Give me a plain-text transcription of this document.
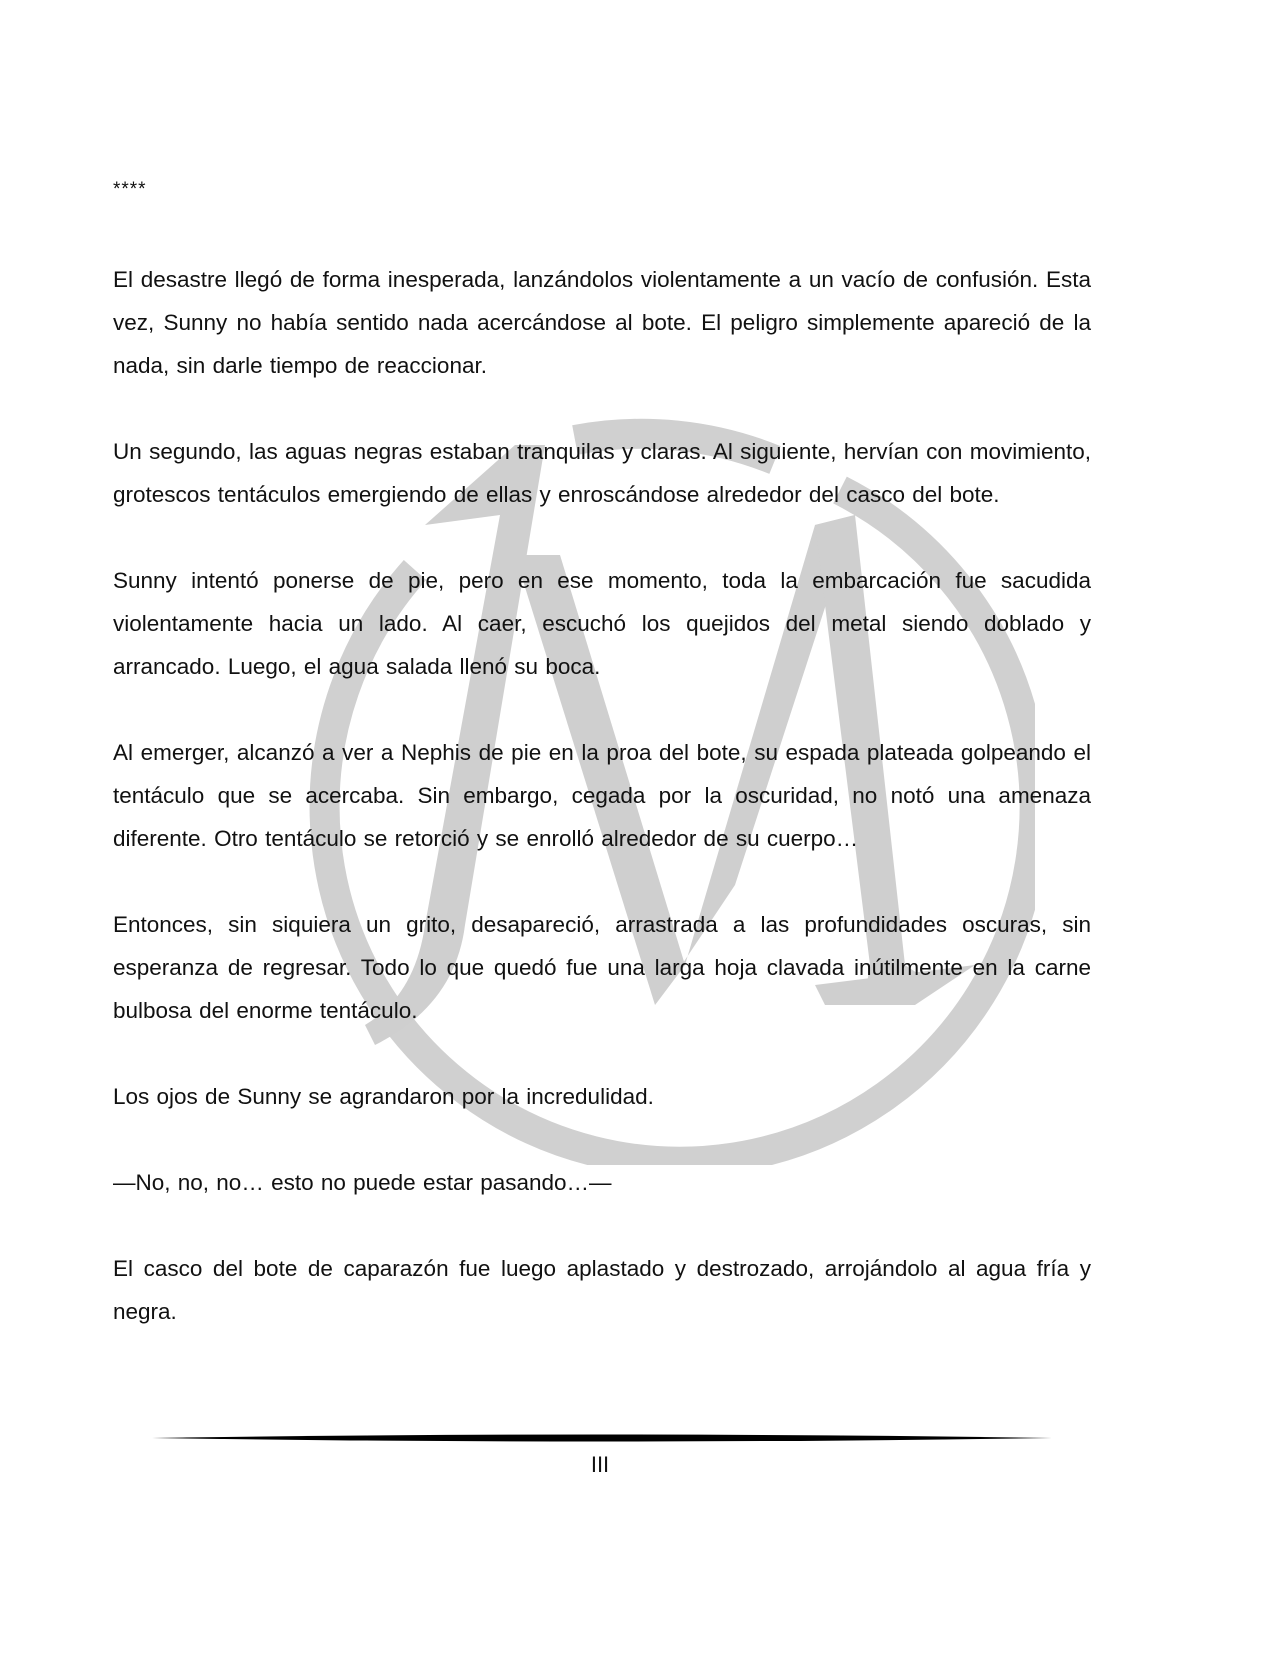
****

El desastre llegó de forma inesperada, lanzándolos violentamente a un vacío de confusión. Esta vez, Sunny no había sentido nada acercándose al bote. El peligro simplemente apareció de la nada, sin darle tiempo de reaccionar.

Un segundo, las aguas negras estaban tranquilas y claras. Al siguiente, hervían con movimiento, grotescos tentáculos emergiendo de ellas y enroscándose alrededor del casco del bote.

Sunny intentó ponerse de pie, pero en ese momento, toda la embarcación fue sacudida violentamente hacia un lado. Al caer, escuchó los quejidos del metal siendo doblado y arrancado. Luego, el agua salada llenó su boca.

Al emerger, alcanzó a ver a Nephis de pie en la proa del bote, su espada plateada golpeando el tentáculo que se acercaba. Sin embargo, cegada por la oscuridad, no notó una amenaza diferente. Otro tentáculo se retorció y se enrolló alrededor de su cuerpo…

Entonces, sin siquiera un grito, desapareció, arrastrada a las profundidades oscuras, sin esperanza de regresar. Todo lo que quedó fue una larga hoja clavada inútilmente en la carne bulbosa del enorme tentáculo.

Los ojos de Sunny se agrandaron por la incredulidad.

—No, no, no… esto no puede estar pasando…—

El casco del bote de caparazón fue luego aplastado y destrozado, arrojándolo al agua fría y negra.

III
